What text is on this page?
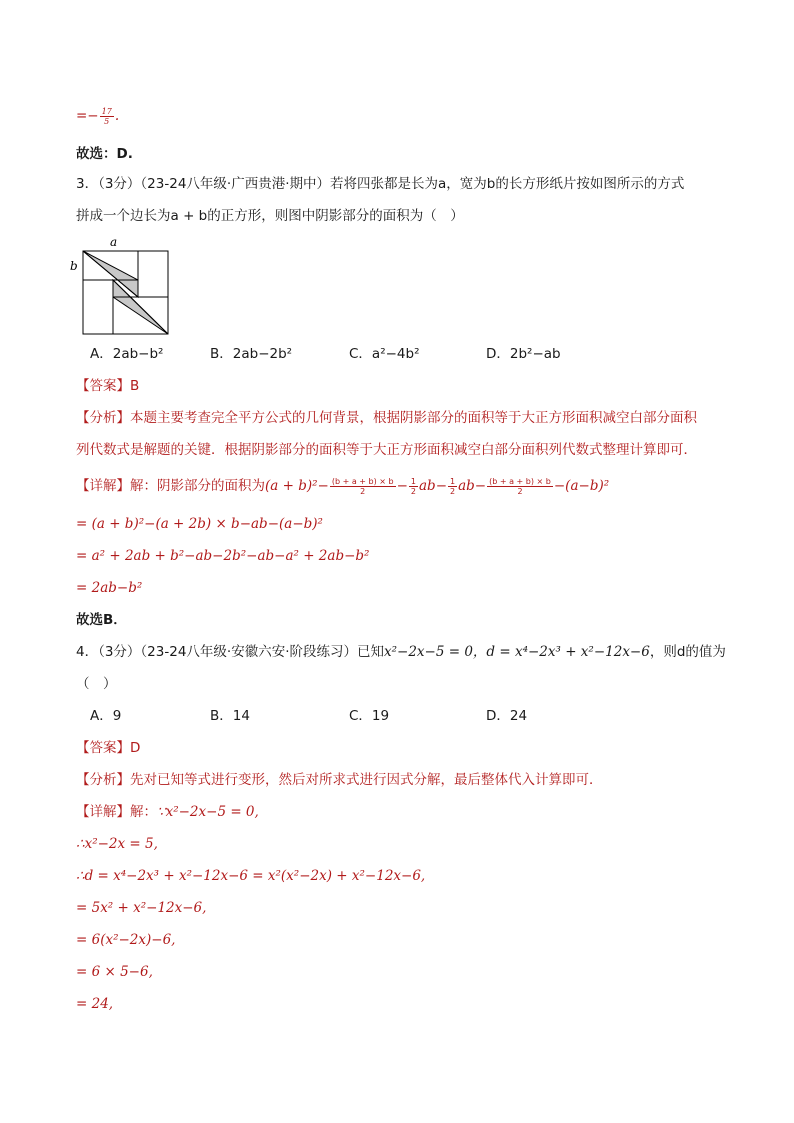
=− $\frac{17}{5}$ .
故选：D.
3．（3分）（23-24八年级·广西贵港·期中）若将四张都是长为a，宽为b的长方形纸片按如图所示的方式
拼成一个边长为a + b的正方形，则图中阴影部分的面积为（　）
a
b
A．2ab−b²	B．2ab−2b²	C．a²−4b²	D．2b²−ab
【答案】B
【分析】本题主要考查完全平方公式的几何背景，根据阴影部分的面积等于大正方形面积减空白部分面积
列代数式是解题的关键．根据阴影部分的面积等于大正方形面积减空白部分面积列代数式整理计算即可．
【详解】解：阴影部分的面积为$(a + b)^2- \frac{(b + a + b) \times b}{2} - \frac{1}{2} ab- \frac{1}{2} ab- \frac{(b + a + b) \times b}{2} -(a-b)^2$
= (a + b)²−(a + 2b) × b−ab−(a−b)²
= a² + 2ab + b²−ab−2b²−ab−a² + 2ab−b²
= 2ab−b²
故选B．
4．（3分）（23-24八年级·安徽六安·阶段练习）已知x²−2x−5 = 0，d = x⁴−2x³ + x²−12x−6，则d的值为
（　）
A．9	B．14	C．19	D．24
【答案】D
【分析】先对已知等式进行变形，然后对所求式进行因式分解，最后整体代入计算即可．
【详解】解：∵x²−2x−5 = 0,
∴x²−2x = 5,
∴d = x⁴−2x³ + x²−12x−6 = x²(x²−2x) + x²−12x−6,
= 5x² + x²−12x−6,
= 6(x²−2x)−6,
= 6 × 5−6,
= 24,
